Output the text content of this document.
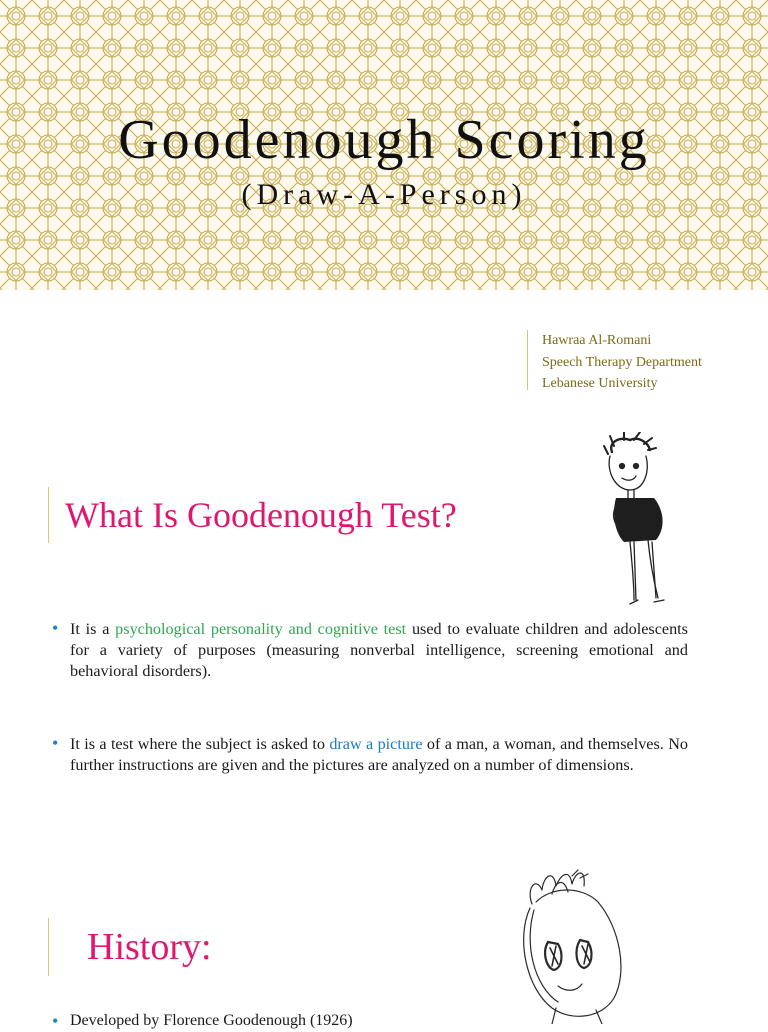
Goodenough Scoring
(Draw-A-Person)
Hawraa Al-Romani
Speech Therapy Department
Lebanese University
What Is Goodenough Test?
• It is a psychological personality and cognitive test used to evaluate children and adolescents for a variety of purposes (measuring nonverbal intelligence, screening emotional and behavioral disorders).
• It is a test where the subject is asked to draw a picture of a man, a woman, and themselves. No further instructions are given and the pictures are analyzed on a number of dimensions.
History:
• Developed by Florence Goodenough (1926)
